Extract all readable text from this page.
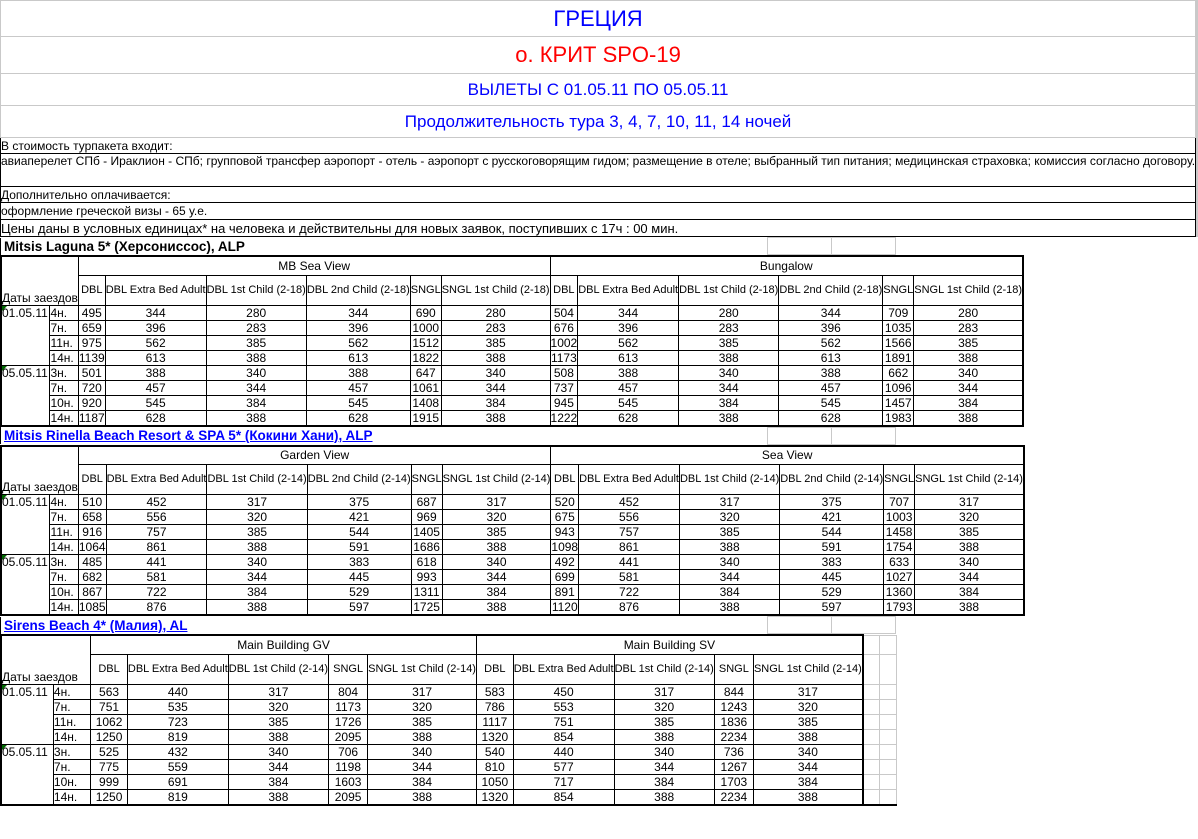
ГРЕЦИЯ		
о. КРИТ SPO-19		
ВЫЛЕТЫ С 01.05.11 ПО 05.05.11		
Продолжительность тура 3, 4, 7, 10, 11, 14 ночей		
В стоимость турпакета входит:		
авиаперелет СПб - Ираклион - СПб; групповой трансфер аэропорт - отель - аэропорт с русскоговорящим гидом; размещение в отеле; выбранный тип питания; медицинская страховка; комиссия согласно договору.		
Дополнительно оплачивается:		
оформление греческой визы - 65 у.е.		
Цены даны в условных единицах* на человека и действительны для новых заявок, поступивших с 17ч : 00 мин.		
Mitsis Laguna 5* (Херсониссос), ALP		
Даты заездов		MB Sea View						Bungalow					
		DBL	DBL Extra Bed Adult	DBL 1st Child (2-18)	DBL 2nd Child (2-18)	SNGL	SNGL 1st Child (2-18)	DBL	DBL Extra Bed Adult	DBL 1st Child (2-18)	DBL 2nd Child (2-18)	SNGL	SNGL 1st Child (2-18)

01.05.11	4н.	495	344	280	344	690	280	504	344	280	344	709	280
	7н.	659	396	283	396	1000	283	676	396	283	396	1035	283
	11н.	975	562	385	562	1512	385	1002	562	385	562	1566	385
	14н.	1139	613	388	613	1822	388	1173	613	388	613	1891	388

05.05.11	3н.	501	388	340	388	647	340	508	388	340	388	662	340
	7н.	720	457	344	457	1061	344	737	457	344	457	1096	344
	10н.	920	545	384	545	1408	384	945	545	384	545	1457	384
	14н.	1187	628	388	628	1915	388	1222	628	388	628	1983	388
Mitsis Rinella Beach Resort & SPA 5* (Кокини Хани), ALP		
Даты заездов		Garden View						Sea View					
		DBL	DBL Extra Bed Adult	DBL 1st Child (2-14)	DBL 2nd Child (2-14)	SNGL	SNGL 1st Child (2-14)	DBL	DBL Extra Bed Adult	DBL 1st Child (2-14)	DBL 2nd Child (2-14)	SNGL	SNGL 1st Child (2-14)

01.05.11	4н.	510	452	317	375	687	317	520	452	317	375	707	317
	7н.	658	556	320	421	969	320	675	556	320	421	1003	320
	11н.	916	757	385	544	1405	385	943	757	385	544	1458	385
	14н.	1064	861	388	591	1686	388	1098	861	388	591	1754	388

05.05.11	3н.	485	441	340	383	618	340	492	441	340	383	633	340
	7н.	682	581	344	445	993	344	699	581	344	445	1027	344
	10н.	867	722	384	529	1311	384	891	722	384	529	1360	384
	14н.	1085	876	388	597	1725	388	1120	876	388	597	1793	388
Sirens Beach 4* (Малия), AL		
Даты заездов		Main Building GV					Main Building SV						
		DBL	DBL Extra Bed Adult	DBL 1st Child (2-14)	SNGL	SNGL 1st Child (2-14)	DBL	DBL Extra Bed Adult	DBL 1st Child (2-14)	SNGL	SNGL 1st Child (2-14)		

01.05.11	4н.	563	440	317	804	317	583	450	317	844	317		
	7н.	751	535	320	1173	320	786	553	320	1243	320		
	11н.	1062	723	385	1726	385	1117	751	385	1836	385		
	14н.	1250	819	388	2095	388	1320	854	388	2234	388		

05.05.11	3н.	525	432	340	706	340	540	440	340	736	340		
	7н.	775	559	344	1198	344	810	577	344	1267	344		
	10н.	999	691	384	1603	384	1050	717	384	1703	384		
	14н.	1250	819	388	2095	388	1320	854	388	2234	388		
